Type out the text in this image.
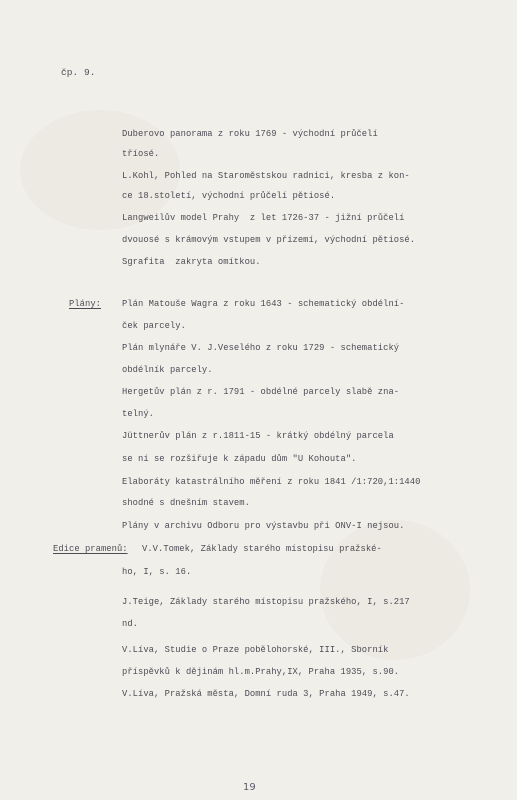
čp. 9.
Duberovo panorama z roku 1769 - východní průčelí
tříosé.
L.Kohl, Pohled na Staroměstskou radnici, kresba z kon-
ce 18.století, východní průčelí pětiosé.
Langweilův model Prahy  z let 1726-37 - jižní průčelí
dvouosé s krámovým vstupem v přízemí, východní pětiosé.
Sgrafita  zakryta omítkou.
Plány: Plán Matouše Wagra z roku 1643 - schematický obdélní-
ček parcely.
Plán mlynáře V. J.Veselého z roku 1729 - schematický
obdélník parcely.
Hergetův plán z r. 1791 - obdélné parcely slabě zna-
telný.
Jüttnerův plán z r.1811-15 - krátký obdélný parcela
se ní se rozšiřuje k západu dům "U Kohouta".
Elaboráty katastrálního měření z roku 1841 /1:720,1:1440
shodné s dnešním stavem.
Plány v archivu Odboru pro výstavbu při ONV-I nejsou.
Edice pramenů: V.V.Tomek, Základy starého místopisu pražské-
ho, I, s. 16.
J.Teige, Základy starého místopisu pražského, I, s.217
nd.
V.Líva, Studie o Praze pobělohorské, III., Sborník
příspěvků k dějinám hl.m.Prahy,IX, Praha 1935, s.90.
V.Líva, Pražská města, Domní ruda 3, Praha 1949, s.47.
19
